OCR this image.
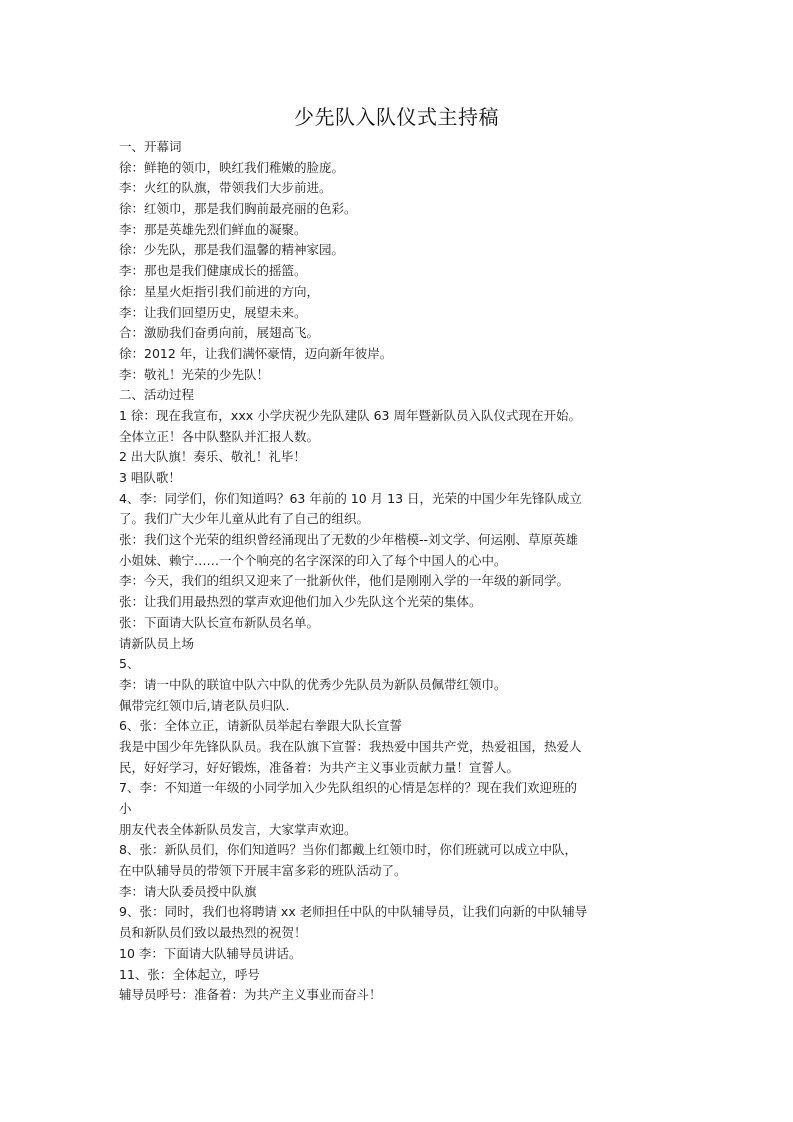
少先队入队仪式主持稿
一、开幕词
徐：鲜艳的领巾，映红我们稚嫩的脸庞。
李：火红的队旗，带领我们大步前进。
徐：红领巾，那是我们胸前最亮丽的色彩。
李：那是英雄先烈们鲜血的凝聚。
徐：少先队，那是我们温馨的精神家园。
李：那也是我们健康成长的摇篮。
徐：星星火炬指引我们前进的方向，
李：让我们回望历史，展望未来。
合：激励我们奋勇向前，展翅高飞。
徐：2012 年，让我们满怀豪情，迈向新年彼岸。
李：敬礼！光荣的少先队！
二、活动过程
1 徐：现在我宣布，xxx 小学庆祝少先队建队 63 周年暨新队员入队仪式现在开始。
全体立正！各中队整队并汇报人数。
2 出大队旗！奏乐、敬礼！礼毕！
3 唱队歌！
4、李：同学们，你们知道吗？63 年前的 10 月 13 日，光荣的中国少年先锋队成立
了。我们广大少年儿童从此有了自己的组织。
张：我们这个光荣的组织曾经涌现出了无数的少年楷模--刘文学、何运刚、草原英雄
小姐妹、赖宁……一个个响亮的名字深深的印入了每个中国人的心中。
李：今天，我们的组织又迎来了一批新伙伴，他们是刚刚入学的一年级的新同学。
张：让我们用最热烈的掌声欢迎他们加入少先队这个光荣的集体。
张：下面请大队长宣布新队员名单。
请新队员上场
5、
李：请一中队的联谊中队六中队的优秀少先队员为新队员佩带红领巾。
佩带完红领巾后,请老队员归队.
6、张：全体立正，请新队员举起右拳跟大队长宣誓
我是中国少年先锋队队员。我在队旗下宣誓：我热爱中国共产党，热爱祖国，热爱人
民，好好学习，好好锻炼，准备着：为共产主义事业贡献力量！宣誓人。
7、李：不知道一年级的小同学加入少先队组织的心情是怎样的？现在我们欢迎班的
小
朋友代表全体新队员发言，大家掌声欢迎。
8、张：新队员们，你们知道吗？当你们都戴上红领巾时，你们班就可以成立中队，
在中队辅导员的带领下开展丰富多彩的班队活动了。
李：请大队委员授中队旗
9、张：同时，我们也将聘请 xx 老师担任中队的中队辅导员，让我们向新的中队辅导
员和新队员们致以最热烈的祝贺！
10 李：下面请大队辅导员讲话。
11、张：全体起立，呼号
辅导员呼号：准备着：为共产主义事业而奋斗！
